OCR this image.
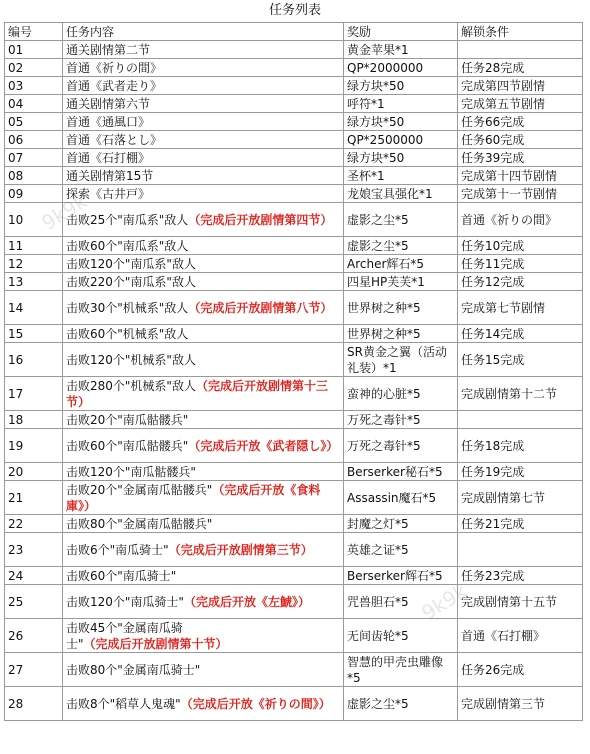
任务列表
编号	任务内容	奖励	解锁条件
01	通关剧情第二节	黄金苹果*1	
02	首通《祈りの間》	QP*2000000	任务28完成
03	首通《武者走り》	绿方块*50	完成第四节剧情
04	通关剧情第六节	呼符*1	完成第五节剧情
05	首通《通風口》	绿方块*50	任务66完成
06	首通《石落とし》	QP*2500000	任务60完成
07	首通《石打棚》	绿方块*50	任务39完成
08	通关剧情第15节	圣杯*1	完成第十四节剧情
09	探索《古井戸》	龙娘宝具强化*1	完成第十一节剧情
10	击败25个"南瓜系"敌人（完成后开放剧情第四节）	虚影之尘*5	首通《祈りの間》
11	击败60个"南瓜系"敌人	虚影之尘*5	任务10完成
12	击败120个"南瓜系"敌人	Archer辉石*5	任务11完成
13	击败220个"南瓜系"敌人	四星HP芙芙*1	任务12完成
14	击败30个"机械系"敌人（完成后开放剧情第八节）	世界树之种*5	完成第七节剧情
15	击败60个"机械系"敌人	世界树之种*5	任务14完成
16	击败120个"机械系"敌人	SR黄金之翼（活动礼装）*1	任务15完成
17	击败280个"机械系"敌人（完成后开放剧情第十三节）	蛮神的心脏*5	完成剧情第十二节
18	击败20个"南瓜骷髅兵"	万死之毒针*5	
19	击败60个"南瓜骷髅兵"（完成后开放《武者隠し》）	万死之毒针*5	任务18完成
20	击败120个"南瓜骷髅兵"	Berserker秘石*5	任务19完成
21	击败20个"金属南瓜骷髅兵"（完成后开放《食料庫》）	Assassin魔石*5	完成剧情第七节
22	击败80个"金属南瓜骷髅兵"	封魔之灯*5	任务21完成
23	击败6个"南瓜骑士"（完成后开放剧情第三节）	英雄之证*5	
24	击败60个"南瓜骑士"	Berserker辉石*5	任务23完成
25	击败120个"南瓜骑士"（完成后开放《左鯱》）	咒兽胆石*5	完成剧情第十五节
26	击败45个"金属南瓜骑士"（完成后开放剧情第十节）	无间齿轮*5	首通《石打棚》
27	击败80个"金属南瓜骑士"	智慧的甲壳虫雕像*5	任务26完成
28	击败8个"稻草人鬼魂"（完成后开放《祈りの間》）	虚影之尘*5	完成剧情第三节
9k9k
9k9k
